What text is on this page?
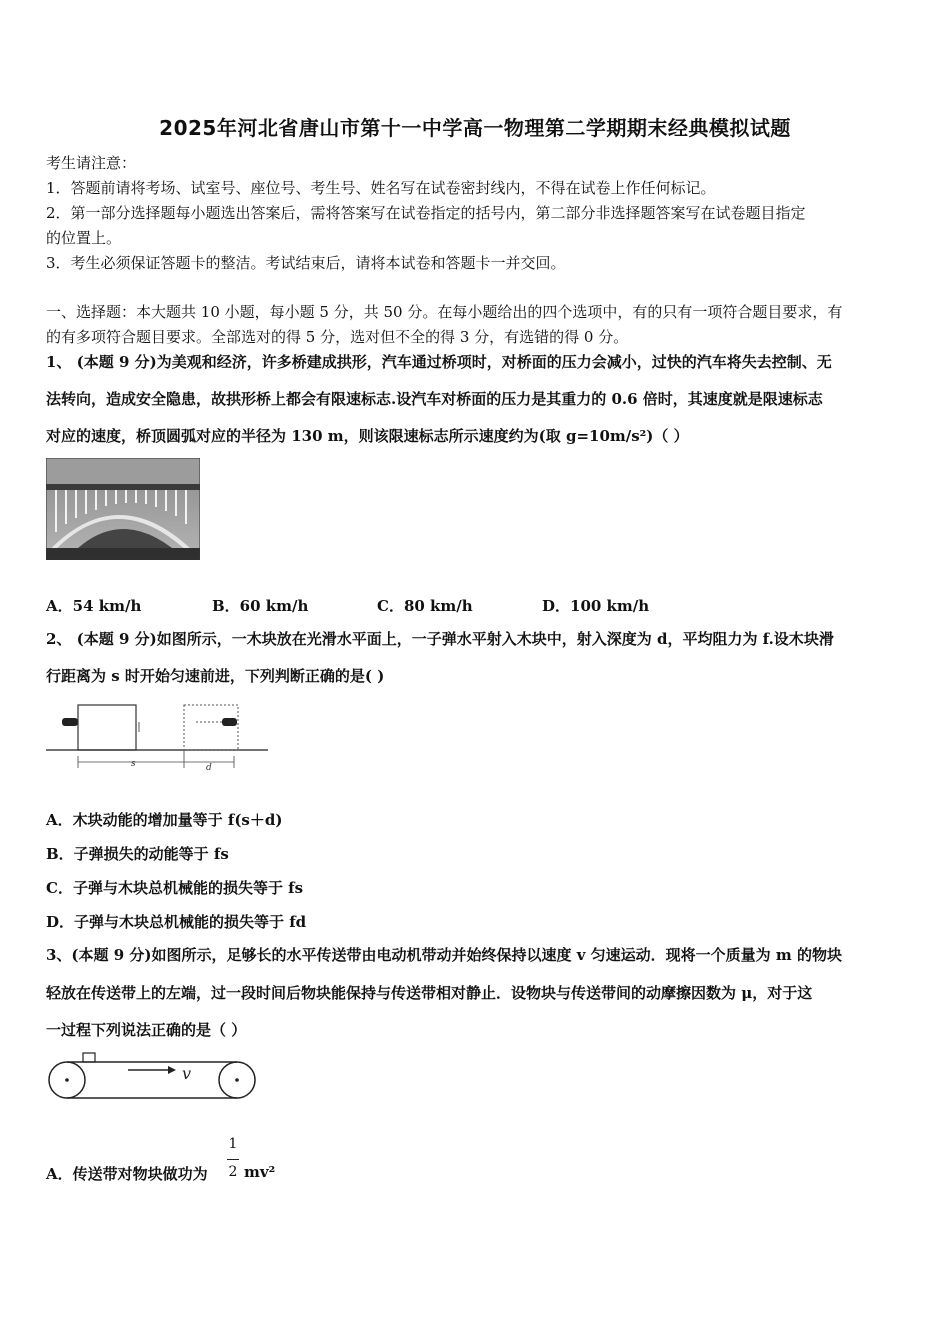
2025年河北省唐山市第十一中学高一物理第二学期期末经典模拟试题
考生请注意：
1．答题前请将考场、试室号、座位号、考生号、姓名写在试卷密封线内，不得在试卷上作任何标记。
2．第一部分选择题每小题选出答案后，需将答案写在试卷指定的括号内，第二部分非选择题答案写在试卷题目指定
的位置上。
3．考生必须保证答题卡的整洁。考试结束后，请将本试卷和答题卡一并交回。
一、选择题：本大题共 10 小题，每小题 5 分，共 50 分。在每小题给出的四个选项中，有的只有一项符合题目要求，有
的有多项符合题目要求。全部选对的得 5 分，选对但不全的得 3 分，有选错的得 0 分。
1、 (本题 9 分)为美观和经济，许多桥建成拱形，汽车通过桥项时，对桥面的压力会减小，过快的汽车将失去控制、无
法转向，造成安全隐患，故拱形桥上都会有限速标志.设汽车对桥面的压力是其重力的 0.6 倍时，其速度就是限速标志
对应的速度，桥顶圆弧对应的半径为 130 m，则该限速标志所示速度约为(取 g=10m/s²)（ ）
A．54 km/h	B．60 km/h	C．80 km/h	D．100 km/h
2、 (本题 9 分)如图所示，一木块放在光滑水平面上，一子弹水平射入木块中，射入深度为 d，平均阻力为 f.设木块滑
行距离为 s 时开始匀速前进，下列判断正确的是( )
s	d
A．木块动能的增加量等于 f(s＋d)
B．子弹损失的动能等于 fs
C．子弹与木块总机械能的损失等于 fs
D．子弹与木块总机械能的损失等于 fd
3、(本题 9 分)如图所示，足够长的水平传送带由电动机带动并始终保持以速度 v 匀速运动．现将一个质量为 m 的物块
轻放在传送带上的左端，过一段时间后物块能保持与传送带相对静止．设物块与传送带间的动摩擦因数为 μ，对于这
一过程下列说法正确的是（ ）
v
A．传送带对物块做功为
1
2 mv²
